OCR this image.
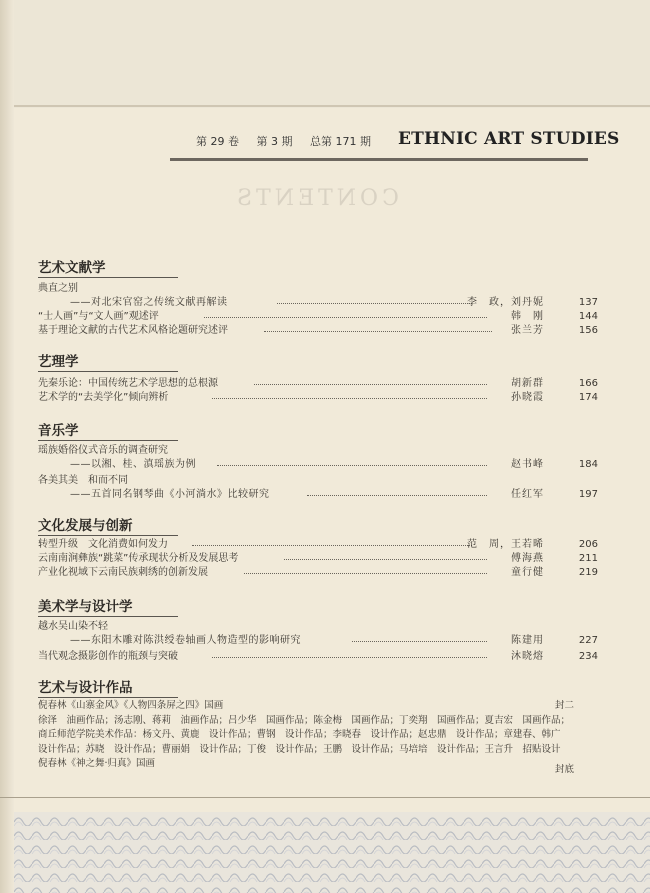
第 29 卷 第 3 期 总第 171 期	ETHNIC ART STUDIES
CONTENTS
艺术文献学
典直之别
——对北宋官窑之传统文献再解读	李　政，刘丹妮	137
“士人画”与“文人画”观述评	韩　刚	144
基于理论文献的古代艺术风格论题研究述评	张兰芳	156
艺理学
先秦乐论：中国传统艺术学思想的总根源	胡新群	166
艺术学的“去美学化”倾向辨析	孙晓霞	174
音乐学
瑶族婚俗仪式音乐的调查研究
——以湘、桂、滇瑶族为例	赵书峰	184
各美其美　和而不同
——五首同名钢琴曲《小河淌水》比较研究	任红军	197
文化发展与创新
转型升级　文化消费如何发力	范　周，王若晞	206
云南南涧彝族“跳菜”传承现状分析及发展思考	傅海燕	211
产业化视域下云南民族刺绣的创新发展	童行健	219
美术学与设计学
越水吴山染不轻
——东阳木雕对陈洪绶卷轴画人物造型的影响研究	陈建用	227
当代观念摄影创作的瓶颈与突破	沐晓熔	234
艺术与设计作品
倪春林《山寨金风》《人物四条屏之四》国画	封二
徐泽　油画作品；汤志刚、蒋莉　油画作品；吕少华　国画作品；陈金梅　国画作品；丁奕翔　国画作品；夏吉宏　国画作品；
商丘师范学院美术作品：杨文丹、黄鹿　设计作品；曹钢　设计作品；李晓春　设计作品；赵忠鼎　设计作品；章建春、韩广
设计作品；苏晓　设计作品；曹丽娟　设计作品；丁俊　设计作品；王鹏　设计作品；马培培　设计作品；王言升　招贴设计
倪春林《神之舞·归真》国画
封底
